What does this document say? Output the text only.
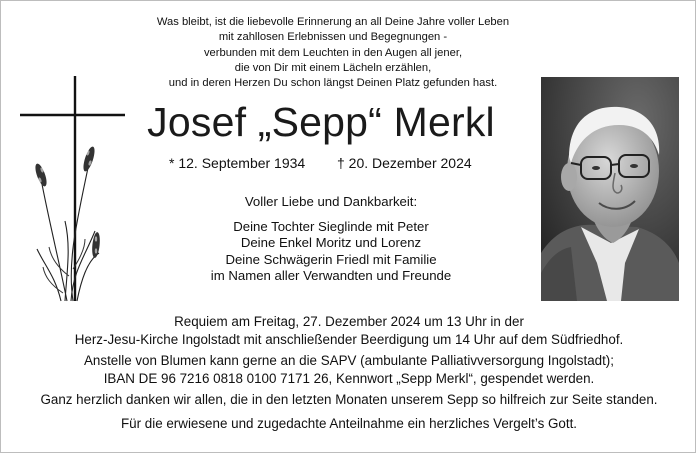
Was bleibt, ist die liebevolle Erinnerung an all Deine Jahre voller Leben
mit zahllosen Erlebnissen und Begegnungen -
verbunden mit dem Leuchten in den Augen all jener,
die von Dir mit einem Lächeln erzählen,
und in deren Herzen Du schon längst Deinen Platz gefunden hast.
Josef „Sepp“ Merkl
* 12. September 1934 † 20. Dezember 2024
Voller Liebe und Dankbarkeit:
Deine Tochter Sieglinde mit Peter
Deine Enkel Moritz und Lorenz
Deine Schwägerin Friedl mit Familie
im Namen aller Verwandten und Freunde
Requiem am Freitag, 27. Dezember 2024 um 13 Uhr in der
Herz-Jesu-Kirche Ingolstadt mit anschließender Beerdigung um 14 Uhr auf dem Südfriedhof.
Anstelle von Blumen kann gerne an die SAPV (ambulante Palliativversorgung Ingolstadt);
IBAN DE 96 7216 0818 0100 7171 26, Kennwort „Sepp Merkl“, gespendet werden.
Ganz herzlich danken wir allen, die in den letzten Monaten unserem Sepp so hilfreich zur Seite standen.
Für die erwiesene und zugedachte Anteilnahme ein herzliches Vergelt’s Gott.
